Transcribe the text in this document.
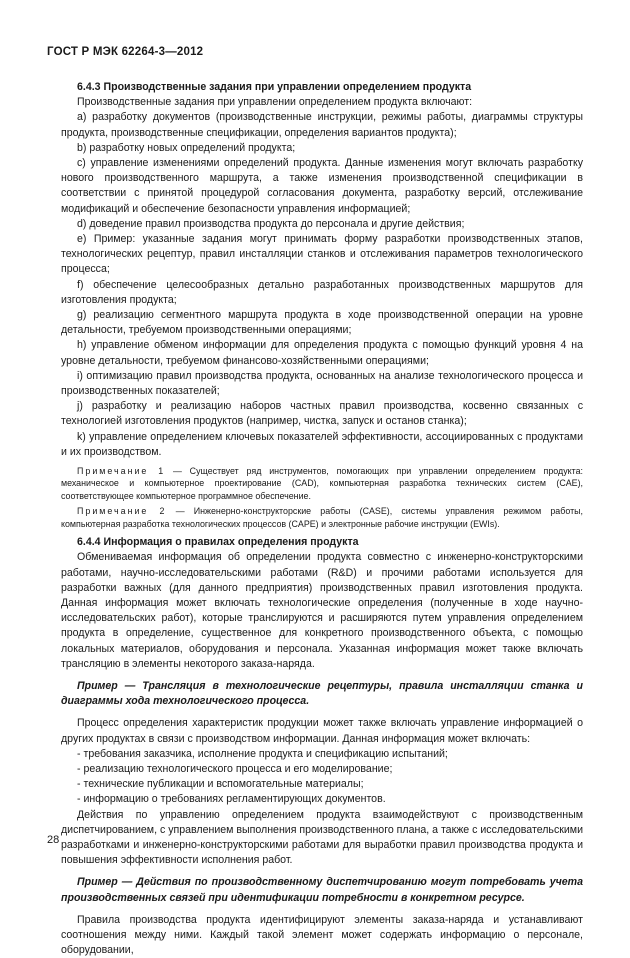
ГОСТ Р МЭК 62264-3—2012

6.4.3 Производственные задания при управлении определением продукта

Производственные задания при управлении определением продукта включают:

а) разработку документов (производственные инструкции, режимы работы, диаграммы структуры продукта, производственные спецификации, определения вариантов продукта);

b) разработку новых определений продукта;

c) управление изменениями определений продукта. Данные изменения могут включать разработку нового производственного маршрута, а также изменения производственной спецификации в соответствии с принятой процедурой согласования документа, разработку версий, отслеживание модификаций и обеспечение безопасности управления информацией;

d) доведение правил производства продукта до персонала и другие действия;

e) Пример: указанные задания могут принимать форму разработки производственных этапов, технологических рецептур, правил инсталляции станков и отслеживания параметров технологического процесса;

f) обеспечение целесообразных детально разработанных производственных маршрутов для изготовления продукта;

g) реализацию сегментного маршрута продукта в ходе производственной операции на уровне детальности, требуемом производственными операциями;

h) управление обменом информации для определения продукта с помощью функций уровня 4 на уровне детальности, требуемом финансово-хозяйственными операциями;

i) оптимизацию правил производства продукта, основанных на анализе технологического процесса и производственных показателей;

j) разработку и реализацию наборов частных правил производства, косвенно связанных с технологией изготовления продуктов (например, чистка, запуск и останов станка);

k) управление определением ключевых показателей эффективности, ассоциированных с продуктами и их производством.

Примечание 1 — Существует ряд инструментов, помогающих при управлении определением продукта: механическое и компьютерное проектирование (CAD), компьютерная разработка технических систем (CAE), соответствующее компьютерное программное обеспечение.

Примечание 2 — Инженерно-конструкторские работы (CASE), системы управления режимом работы, компьютерная разработка технологических процессов (CAPE) и электронные рабочие инструкции (EWIs).

6.4.4 Информация о правилах определения продукта

Обмениваемая информация об определении продукта совместно с инженерно-конструкторскими работами, научно-исследовательскими работами (R&D) и прочими работами используется для разработки важных (для данного предприятия) производственных правил изготовления продукта. Данная информация может включать технологические определения (полученные в ходе научно-исследовательских работ), которые транслируются и расширяются путем управления определением продукта в определение, существенное для конкретного производственного объекта, с помощью локальных материалов, оборудования и персонала. Указанная информация может также включать трансляцию в элементы некоторого заказа-наряда.

Пример — Трансляция в технологические рецептуры, правила инсталляции станка и диаграммы хода технологического процесса.

Процесс определения характеристик продукции может также включать управление информацией о других продуктах в связи с производством информации. Данная информация может включать:

- требования заказчика, исполнение продукта и спецификацию испытаний;

- реализацию технологического процесса и его моделирование;

- технические публикации и вспомогательные материалы;

- информацию о требованиях регламентирующих документов.

Действия по управлению определением продукта взаимодействуют с производственным диспетчированием, с управлением выполнения производственного плана, а также с исследовательскими разработками и инженерно-конструкторскими работами для выработки правил производства продукта и повышения эффективности исполнения работ.

Пример — Действия по производственному диспетчированию могут потребовать учета производственных связей при идентификации потребности в конкретном ресурсе.

Правила производства продукта идентифицируют элементы заказа-наряда и устанавливают соотношения между ними. Каждый такой элемент может содержать информацию о персонале, оборудовании,

28
